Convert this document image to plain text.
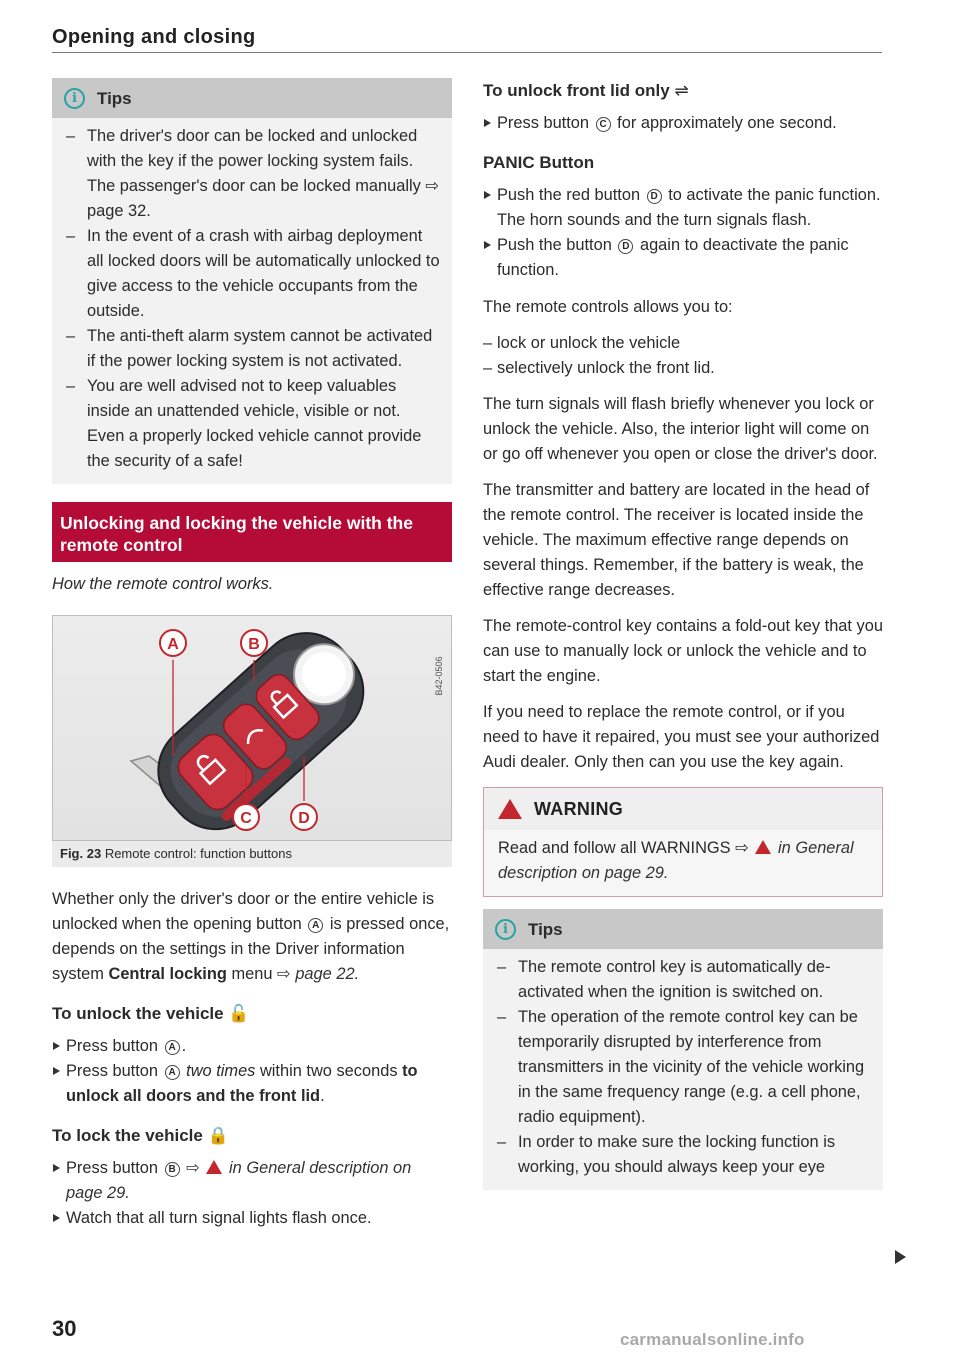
Opening and closing
i	Tips
– The driver's door can be locked and unlocked with the key if the power locking system fails. The passenger's door can be locked manually ⇨ page 32.
– In the event of a crash with airbag deployment all locked doors will be automatically unlocked to give access to the vehicle occupants from the outside.
– The anti-theft alarm system cannot be activated if the power locking system is not activated.
– You are well advised not to keep valuables inside an unattended vehicle, visible or not. Even a properly locked vehicle cannot provide the security of a safe!
Unlocking and locking the vehicle with the remote control
How the remote control works.
A	B
C	D
B42-0506
Fig. 23 Remote control: function buttons
Whether only the driver's door or the entire vehicle is unlocked when the opening button A is pressed once, depends on the settings in the Driver information system Central locking menu ⇨ page 22.
To unlock the vehicle 🔓
Press button A .
Press button A two times within two seconds to unlock all doors and the front lid.
To lock the vehicle 🔒
Press button B ⇨ in General description on page 29.
Watch that all turn signal lights flash once.
To unlock front lid only ⇌
Press button C for approximately one second.
PANIC Button
Push the red button D to activate the panic function. The horn sounds and the turn signals flash.
Push the button D again to deactivate the panic function.
The remote controls allows you to:
– lock or unlock the vehicle
– selectively unlock the front lid.
The turn signals will flash briefly whenever you lock or unlock the vehicle. Also, the interior light will come on or go off whenever you open or close the driver's door.
The transmitter and battery are located in the head of the remote control. The receiver is located inside the vehicle. The maximum effective range depends on several things. Remember, if the battery is weak, the effective range decreases.
The remote-control key contains a fold-out key that you can use to manually lock or unlock the vehicle and to start the engine.
If you need to replace the remote control, or if you need to have it repaired, you must see your authorized Audi dealer. Only then can you use the key again.
WARNING
Read and follow all WARNINGS ⇨ in General description on page 29.
i	Tips
– The remote control key is automatically deactivated when the ignition is switched on.
– The operation of the remote control key can be temporarily disrupted by interference from transmitters in the vicinity of the vehicle working in the same frequency range (e.g. a cell phone, radio equipment).
– In order to make sure the locking function is working, you should always keep your eye
30	carmanualsonline.info
